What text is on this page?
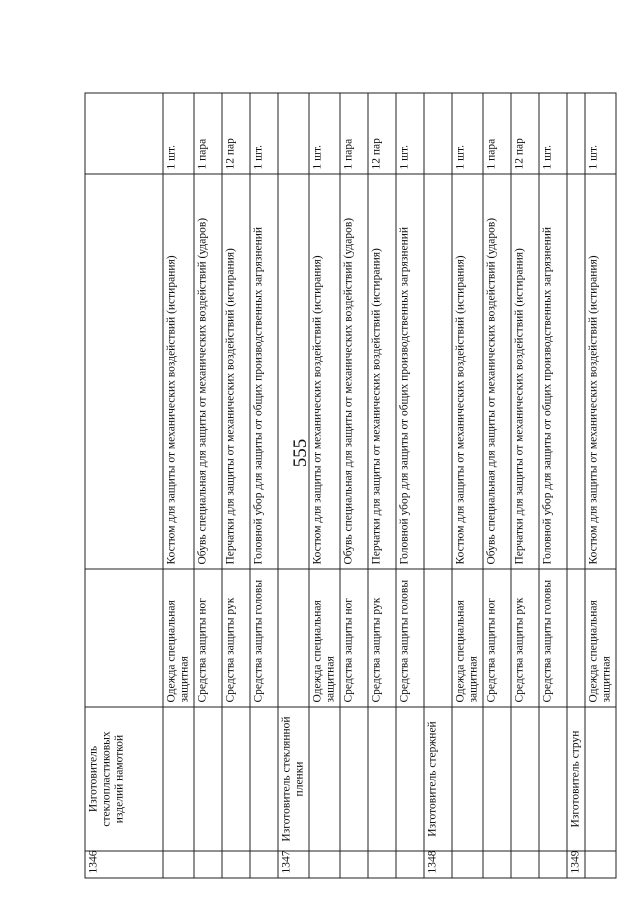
555
1346	Изготовитель стеклопластиковых изделий намоткой			
		Одежда специальная защитная	Костюм для защиты от механических воздействий (истирания)	1 шт.
		Средства защиты ног	Обувь специальная для защиты от механических воздействий (ударов)	1 пара
		Средства защиты рук	Перчатки для защиты от механических воздействий (истирания)	12 пар
		Средства защиты головы	Головной убор для защиты от общих производственных загрязнений	1 шт.
1347	Изготовитель стеклянной пленки			
		Одежда специальная защитная	Костюм для защиты от механических воздействий (истирания)	1 шт.
		Средства защиты ног	Обувь специальная для защиты от механических воздействий (ударов)	1 пара
		Средства защиты рук	Перчатки для защиты от механических воздействий (истирания)	12 пар
		Средства защиты головы	Головной убор для защиты от общих производственных загрязнений	1 шт.
1348	Изготовитель стержней			
		Одежда специальная защитная	Костюм для защиты от механических воздействий (истирания)	1 шт.
		Средства защиты ног	Обувь специальная для защиты от механических воздействий (ударов)	1 пара
		Средства защиты рук	Перчатки для защиты от механических воздействий (истирания)	12 пар
		Средства защиты головы	Головной убор для защиты от общих производственных загрязнений	1 шт.
1349	Изготовитель струн			
		Одежда специальная защитная	Костюм для защиты от механических воздействий (истирания)	1 шт.
